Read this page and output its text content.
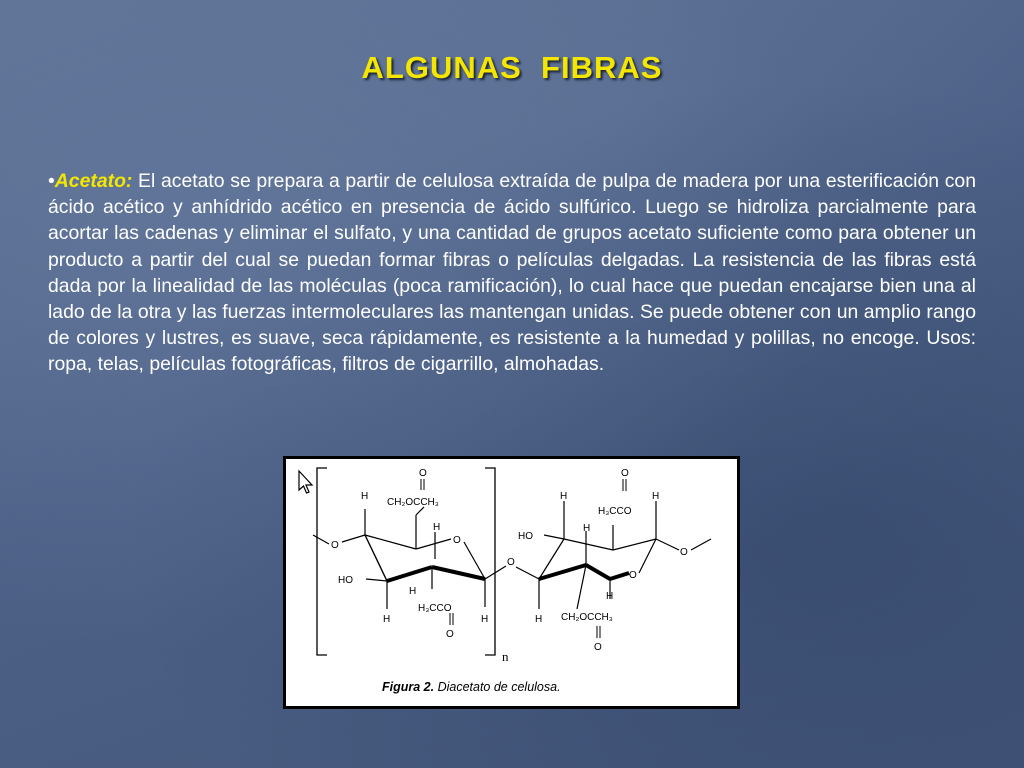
ALGUNAS  FIBRAS

•Acetato: El acetato se prepara a partir de celulosa extraída de pulpa de madera por una esterificación con ácido acético y anhídrido acético en presencia de ácido sulfúrico. Luego se hidroliza parcialmente para acortar las cadenas y eliminar el sulfato, y una cantidad de grupos acetato suficiente como para obtener un producto a partir del cual se puedan formar fibras o películas delgadas. La resistencia de las fibras está dada por la linealidad de las moléculas (poca ramificación), lo cual hace que puedan encajarse bien una al lado de la otra y las fuerzas intermoleculares las mantengan unidas. Se puede obtener con un amplio rango de colores y lustres, es suave, seca rápidamente, es resistente a la humedad y polillas, no encoge. Usos: ropa, telas, películas fotográficas, filtros de cigarrillo, almohadas.

n
O
H
CH₂OCCH₃
O
H
O
HO
H
H
H₃CCO
O
H
O
H
O
H₃CCO
H
HO
H
H
O
O
H CH₂OCCH₃
O
Figura 2. Diacetato de celulosa.
